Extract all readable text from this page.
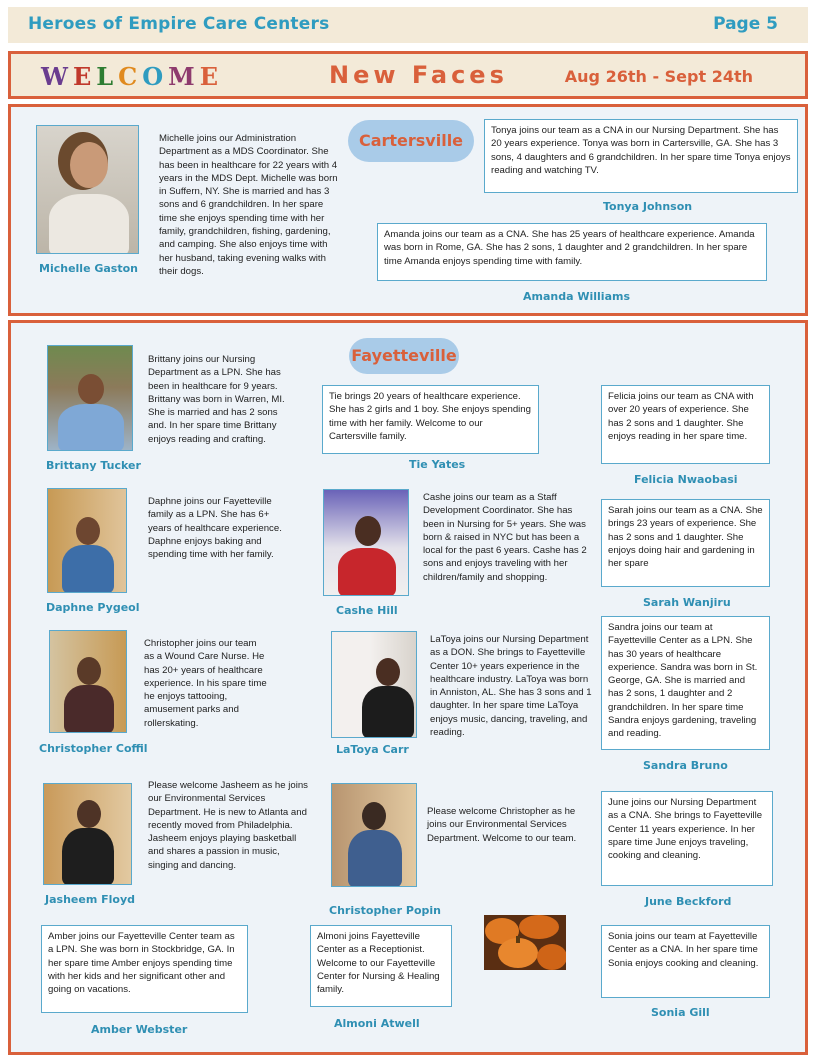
Heroes of Empire Care Centers	Page 5
WELCOME	New Faces	Aug 26th - Sept 24th
Cartersville
Michelle Gaston
Michelle joins our Administration Department as a MDS Coordinator. She has been in healthcare for 22 years with 4 years in the MDS Dept. Michelle was born in Suffern, NY. She is married and has 3 sons and 6 grandchildren. In her spare time she enjoys spending time with her family, grandchildren, fishing, gardening, and camping. She also enjoys time with her husband, taking evening walks with their dogs.
Tonya joins our team as a CNA in our Nursing Department. She has 20 years experience. Tonya was born in Cartersville, GA. She has 3 sons, 4 daughters and 6 grandchildren. In her spare time Tonya enjoys reading and watching TV.
Tonya Johnson
Amanda joins our team as a CNA. She has 25 years of healthcare experience. Amanda was born in Rome, GA. She has 2 sons, 1 daughter and 2 grandchildren. In her spare time Amanda enjoys spending time with family.
Amanda Williams
Fayetteville
Brittany Tucker
Brittany joins our Nursing Department as a LPN. She has been in healthcare for 9 years. Brittany was born in Warren, MI. She is married and has 2 sons and. In her spare time Brittany enjoys reading and crafting.
Tie brings 20 years of healthcare experience. She has 2 girls and 1 boy. She enjoys spending time with her family. Welcome to our Cartersville family.
Tie Yates
Felicia joins our team as CNA with over 20 years of experience. She has 2 sons and 1 daughter. She enjoys reading in her spare time.
Felicia Nwaobasi
Daphne Pygeol
Daphne joins our Fayetteville family as a LPN. She has 6+ years of healthcare experience. Daphne enjoys baking and spending time with her family.
Cashe Hill
Cashe joins our team as a Staff Development Coordinator. She has been in Nursing for 5+ years. She was born & raised in NYC but has been a local for the past 6 years. Cashe has 2 sons and enjoys traveling with her children/family and shopping.
Sarah joins our team as a CNA. She brings 23 years of experience. She has 2 sons and 1 daughter. She enjoys doing hair and gardening in her spare
Sarah Wanjiru
Christopher Coffil
Christopher joins our team as a Wound Care Nurse. He has 20+ years of healthcare experience. In his spare time he enjoys tattooing, amusement parks and rollerskating.
LaToya Carr
LaToya joins our Nursing Department as a DON. She brings to Fayetteville Center 10+ years experience in the healthcare industry. LaToya was born in Anniston, AL. She has 3 sons and 1 daughter. In her spare time LaToya enjoys music, dancing, traveling, and reading.
Sandra joins our team at Fayetteville Center as a LPN. She has 30 years of healthcare experience. Sandra was born in St. George, GA. She is married and has 2 sons, 1 daughter and 2 grandchildren. In her spare time Sandra enjoys gardening, traveling and reading.
Sandra Bruno
Jasheem Floyd
Please welcome Jasheem as he joins our Environmental Services Department. He is new to Atlanta and recently moved from Philadelphia. Jasheem enjoys playing basketball and shares a passion in music, singing and dancing.
Christopher Popin
Please welcome Christopher as he joins our Environmental Services Department. Welcome to our team.
June joins our Nursing Department as a CNA. She brings to Fayetteville Center 11 years experience. In her spare time June enjoys traveling, cooking and cleaning.
June Beckford
Amber joins our Fayetteville Center team as a LPN. She was born in Stockbridge, GA. In her spare time Amber enjoys spending time with her kids and her significant other and going on vacations.
Amber Webster
Almoni joins Fayetteville Center as a Receptionist. Welcome to our Fayetteville Center for Nursing & Healing family.
Almoni Atwell
Sonia joins our team at Fayetteville Center as a CNA. In her spare time Sonia enjoys cooking and cleaning.
Sonia Gill
